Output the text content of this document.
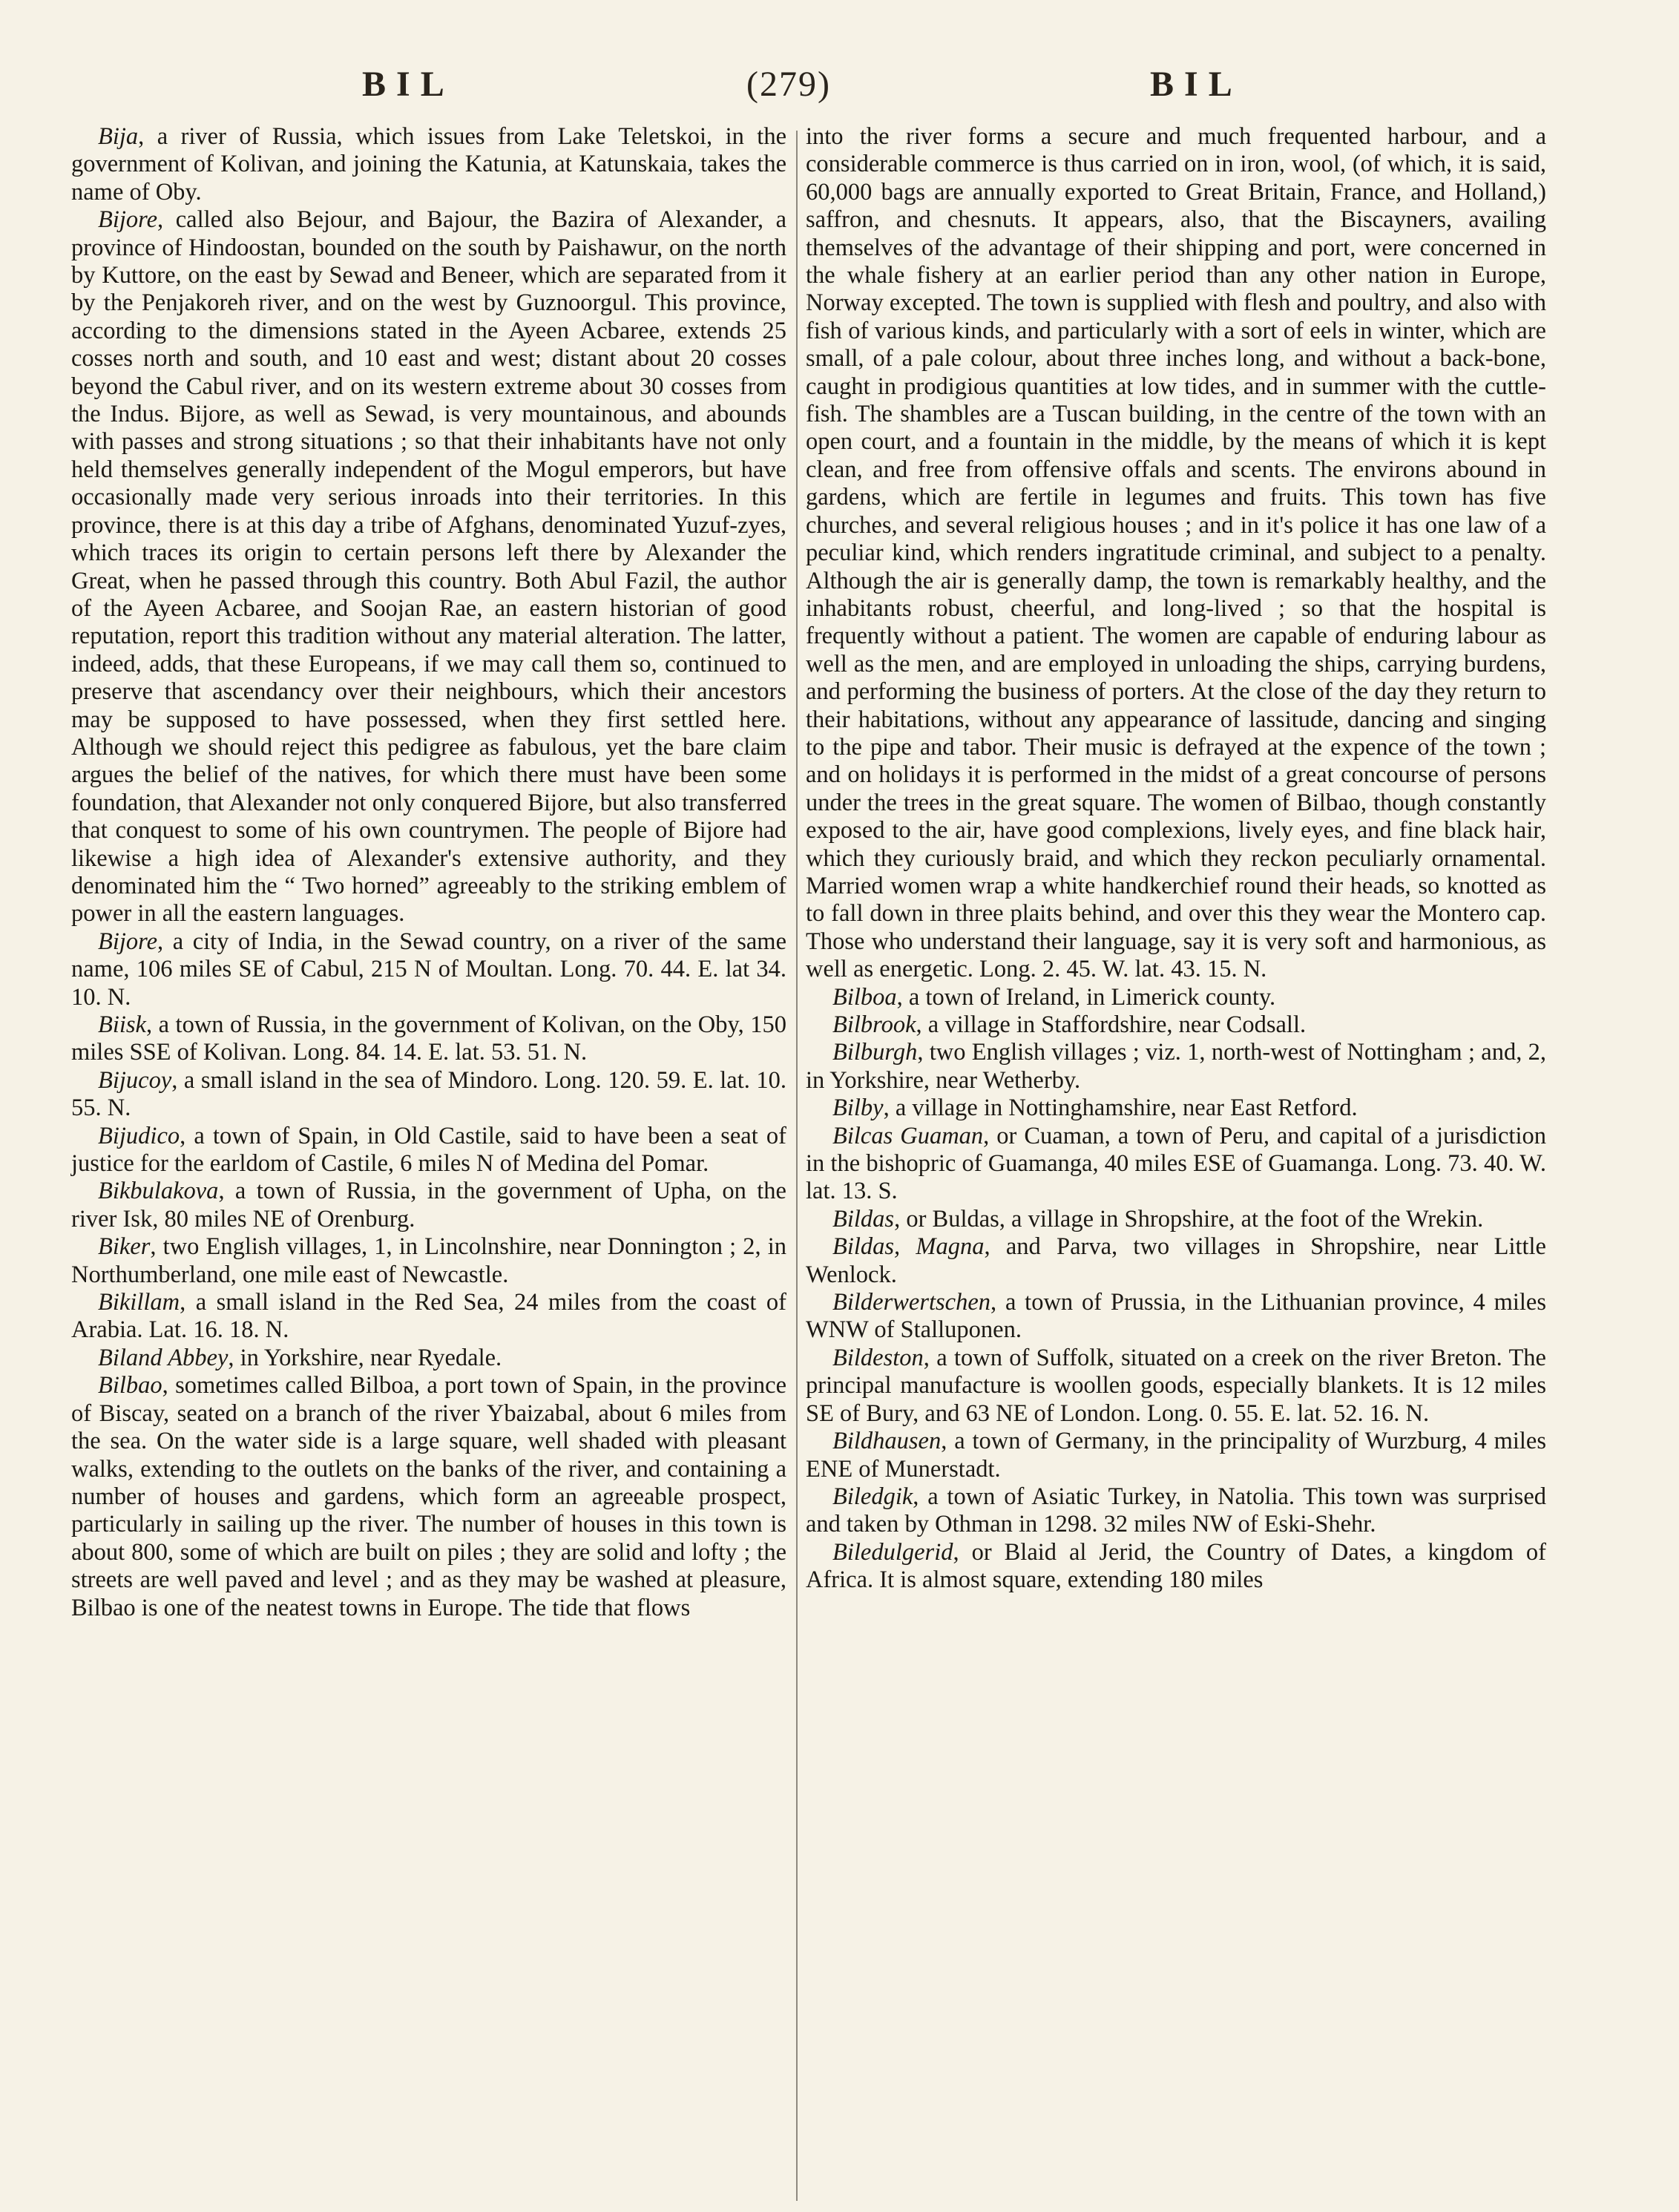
BIL	(279)	BIL

Bija, a river of Russia, which issues from Lake Teletskoi, in the government of Kolivan, and joining the Katunia, at Katunskaia, takes the name of Oby.

Bijore, called also Bejour, and Bajour, the Bazira of Alexander, a province of Hindoostan, bounded on the south by Paishawur, on the north by Kuttore, on the east by Sewad and Beneer, which are separated from it by the Penjakoreh river, and on the west by Guznoorgul. This province, according to the dimensions stated in the Ayeen Acbaree, extends 25 cosses north and south, and 10 east and west; distant about 20 cosses beyond the Cabul river, and on its western extreme about 30 cosses from the Indus. Bijore, as well as Sewad, is very mountainous, and abounds with passes and strong situations ; so that their inhabitants have not only held themselves generally independent of the Mogul emperors, but have occasionally made very serious inroads into their territories. In this province, there is at this day a tribe of Afghans, denominated Yuzuf-zyes, which traces its origin to certain persons left there by Alexander the Great, when he passed through this country. Both Abul Fazil, the author of the Ayeen Acbaree, and Soojan Rae, an eastern historian of good reputation, report this tradition without any material alteration. The latter, indeed, adds, that these Europeans, if we may call them so, continued to preserve that ascendancy over their neighbours, which their ancestors may be supposed to have possessed, when they first settled here. Although we should reject this pedigree as fabulous, yet the bare claim argues the belief of the natives, for which there must have been some foundation, that Alexander not only conquered Bijore, but also transferred that conquest to some of his own countrymen. The people of Bijore had likewise a high idea of Alexander's extensive authority, and they denominated him the “ Two horned” agreeably to the striking emblem of power in all the eastern languages.

Bijore, a city of India, in the Sewad country, on a river of the same name, 106 miles SE of Cabul, 215 N of Moultan. Long. 70. 44. E. lat 34. 10. N.

Biisk, a town of Russia, in the government of Kolivan, on the Oby, 150 miles SSE of Kolivan. Long. 84. 14. E. lat. 53. 51. N.

Bijucoy, a small island in the sea of Mindoro. Long. 120. 59. E. lat. 10. 55. N.

Bijudico, a town of Spain, in Old Castile, said to have been a seat of justice for the earldom of Castile, 6 miles N of Medina del Pomar.

Bikbulakova, a town of Russia, in the government of Upha, on the river Isk, 80 miles NE of Orenburg.

Biker, two English villages, 1, in Lincolnshire, near Donnington ; 2, in Northumberland, one mile east of Newcastle.

Bikillam, a small island in the Red Sea, 24 miles from the coast of Arabia. Lat. 16. 18. N.

Biland Abbey, in Yorkshire, near Ryedale.

Bilbao, sometimes called Bilboa, a port town of Spain, in the province of Biscay, seated on a branch of the river Ybaizabal, about 6 miles from the sea. On the water side is a large square, well shaded with pleasant walks, extending to the outlets on the banks of the river, and containing a number of houses and gardens, which form an agreeable prospect, particularly in sailing up the river. The number of houses in this town is about 800, some of which are built on piles ; they are solid and lofty ; the streets are well paved and level ; and as they may be washed at pleasure, Bilbao is one of the neatest towns in Europe. The tide that flows

into the river forms a secure and much frequented harbour, and a considerable commerce is thus carried on in iron, wool, (of which, it is said, 60,000 bags are annually exported to Great Britain, France, and Holland,) saffron, and chesnuts. It appears, also, that the Biscayners, availing themselves of the advantage of their shipping and port, were concerned in the whale fishery at an earlier period than any other nation in Europe, Norway excepted. The town is supplied with flesh and poultry, and also with fish of various kinds, and particularly with a sort of eels in winter, which are small, of a pale colour, about three inches long, and without a back-bone, caught in prodigious quantities at low tides, and in summer with the cuttle-fish. The shambles are a Tuscan building, in the centre of the town with an open court, and a fountain in the middle, by the means of which it is kept clean, and free from offensive offals and scents. The environs abound in gardens, which are fertile in legumes and fruits. This town has five churches, and several religious houses ; and in it's police it has one law of a peculiar kind, which renders ingratitude criminal, and subject to a penalty. Although the air is generally damp, the town is remarkably healthy, and the inhabitants robust, cheerful, and long-lived ; so that the hospital is frequently without a patient. The women are capable of enduring labour as well as the men, and are employed in unloading the ships, carrying burdens, and performing the business of porters. At the close of the day they return to their habitations, without any appearance of lassitude, dancing and singing to the pipe and tabor. Their music is defrayed at the expence of the town ; and on holidays it is performed in the midst of a great concourse of persons under the trees in the great square. The women of Bilbao, though constantly exposed to the air, have good complexions, lively eyes, and fine black hair, which they curiously braid, and which they reckon peculiarly ornamental. Married women wrap a white handkerchief round their heads, so knotted as to fall down in three plaits behind, and over this they wear the Montero cap. Those who understand their language, say it is very soft and harmonious, as well as energetic. Long. 2. 45. W. lat. 43. 15. N.

Bilboa, a town of Ireland, in Limerick county.

Bilbrook, a village in Staffordshire, near Codsall.

Bilburgh, two English villages ; viz. 1, north-west of Nottingham ; and, 2, in Yorkshire, near Wetherby.

Bilby, a village in Nottinghamshire, near East Retford.

Bilcas Guaman, or Cuaman, a town of Peru, and capital of a jurisdiction in the bishopric of Guamanga, 40 miles ESE of Guamanga. Long. 73. 40. W. lat. 13. S.

Bildas, or Buldas, a village in Shropshire, at the foot of the Wrekin.

Bildas, Magna, and Parva, two villages in Shropshire, near Little Wenlock.

Bilderwertschen, a town of Prussia, in the Lithuanian province, 4 miles WNW of Stalluponen.

Bildeston, a town of Suffolk, situated on a creek on the river Breton. The principal manufacture is woollen goods, especially blankets. It is 12 miles SE of Bury, and 63 NE of London. Long. 0. 55. E. lat. 52. 16. N.

Bildhausen, a town of Germany, in the principality of Wurzburg, 4 miles ENE of Munerstadt.

Biledgik, a town of Asiatic Turkey, in Natolia. This town was surprised and taken by Othman in 1298. 32 miles NW of Eski-Shehr.

Biledulgerid, or Blaid al Jerid, the Country of Dates, a kingdom of Africa. It is almost square, extending 180 miles
